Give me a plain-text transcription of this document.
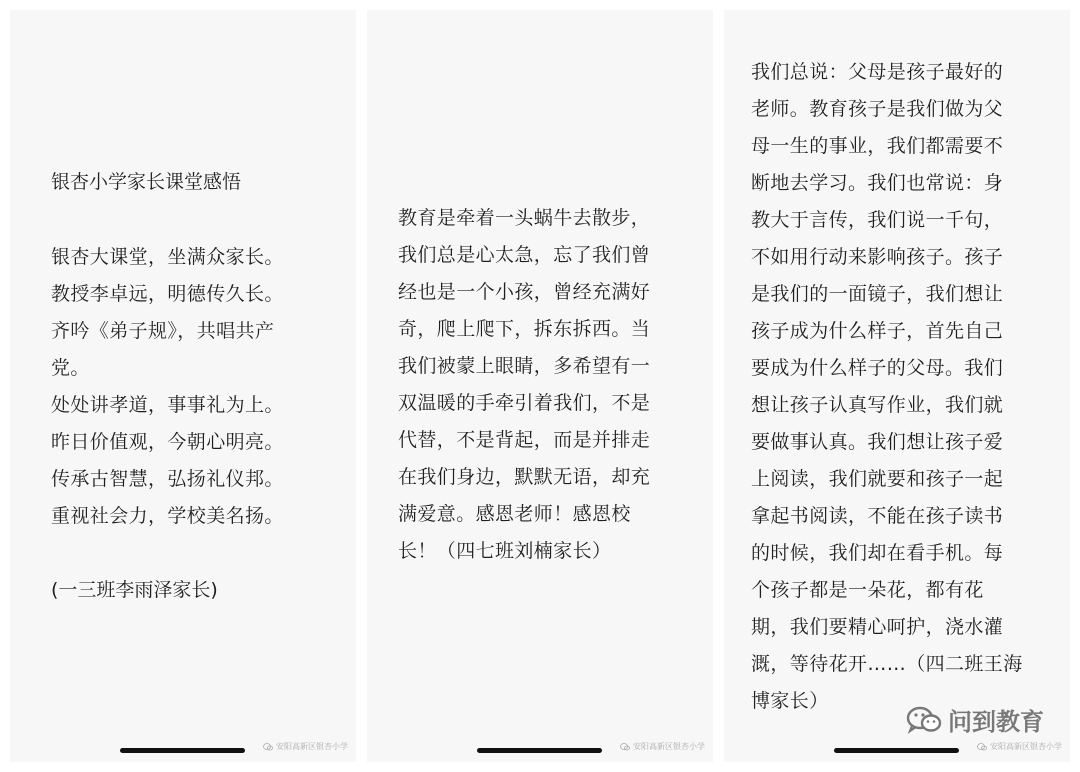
银杏小学家长课堂感悟
银杏大课堂，坐满众家长。
教授李卓远，明德传久长。
齐吟《弟子规》，共唱共产
党。
处处讲孝道，事事礼为上。
昨日价值观，今朝心明亮。
传承古智慧，弘扬礼仪邦。
重视社会力，学校美名扬。
(一三班李雨泽家长)
安阳高新区银杏小学
教育是牵着一头蜗牛去散步，
我们总是心太急，忘了我们曾
经也是一个小孩，曾经充满好
奇，爬上爬下，拆东拆西。当
我们被蒙上眼睛，多希望有一
双温暖的手牵引着我们，不是
代替，不是背起，而是并排走
在我们身边，默默无语，却充
满爱意。感恩老师！感恩校
长！（四七班刘楠家长）
安阳高新区银杏小学
我们总说：父母是孩子最好的
老师。教育孩子是我们做为父
母一生的事业，我们都需要不
断地去学习。我们也常说：身
教大于言传，我们说一千句，
不如用行动来影响孩子。孩子
是我们的一面镜子，我们想让
孩子成为什么样子，首先自己
要成为什么样子的父母。我们
想让孩子认真写作业，我们就
要做事认真。我们想让孩子爱
上阅读，我们就要和孩子一起
拿起书阅读，不能在孩子读书
的时候，我们却在看手机。每
个孩子都是一朵花，都有花
期，我们要精心呵护，浇水灌
溉，等待花开……（四二班王海
博家长）
安阳高新区银杏小学
问到教育
